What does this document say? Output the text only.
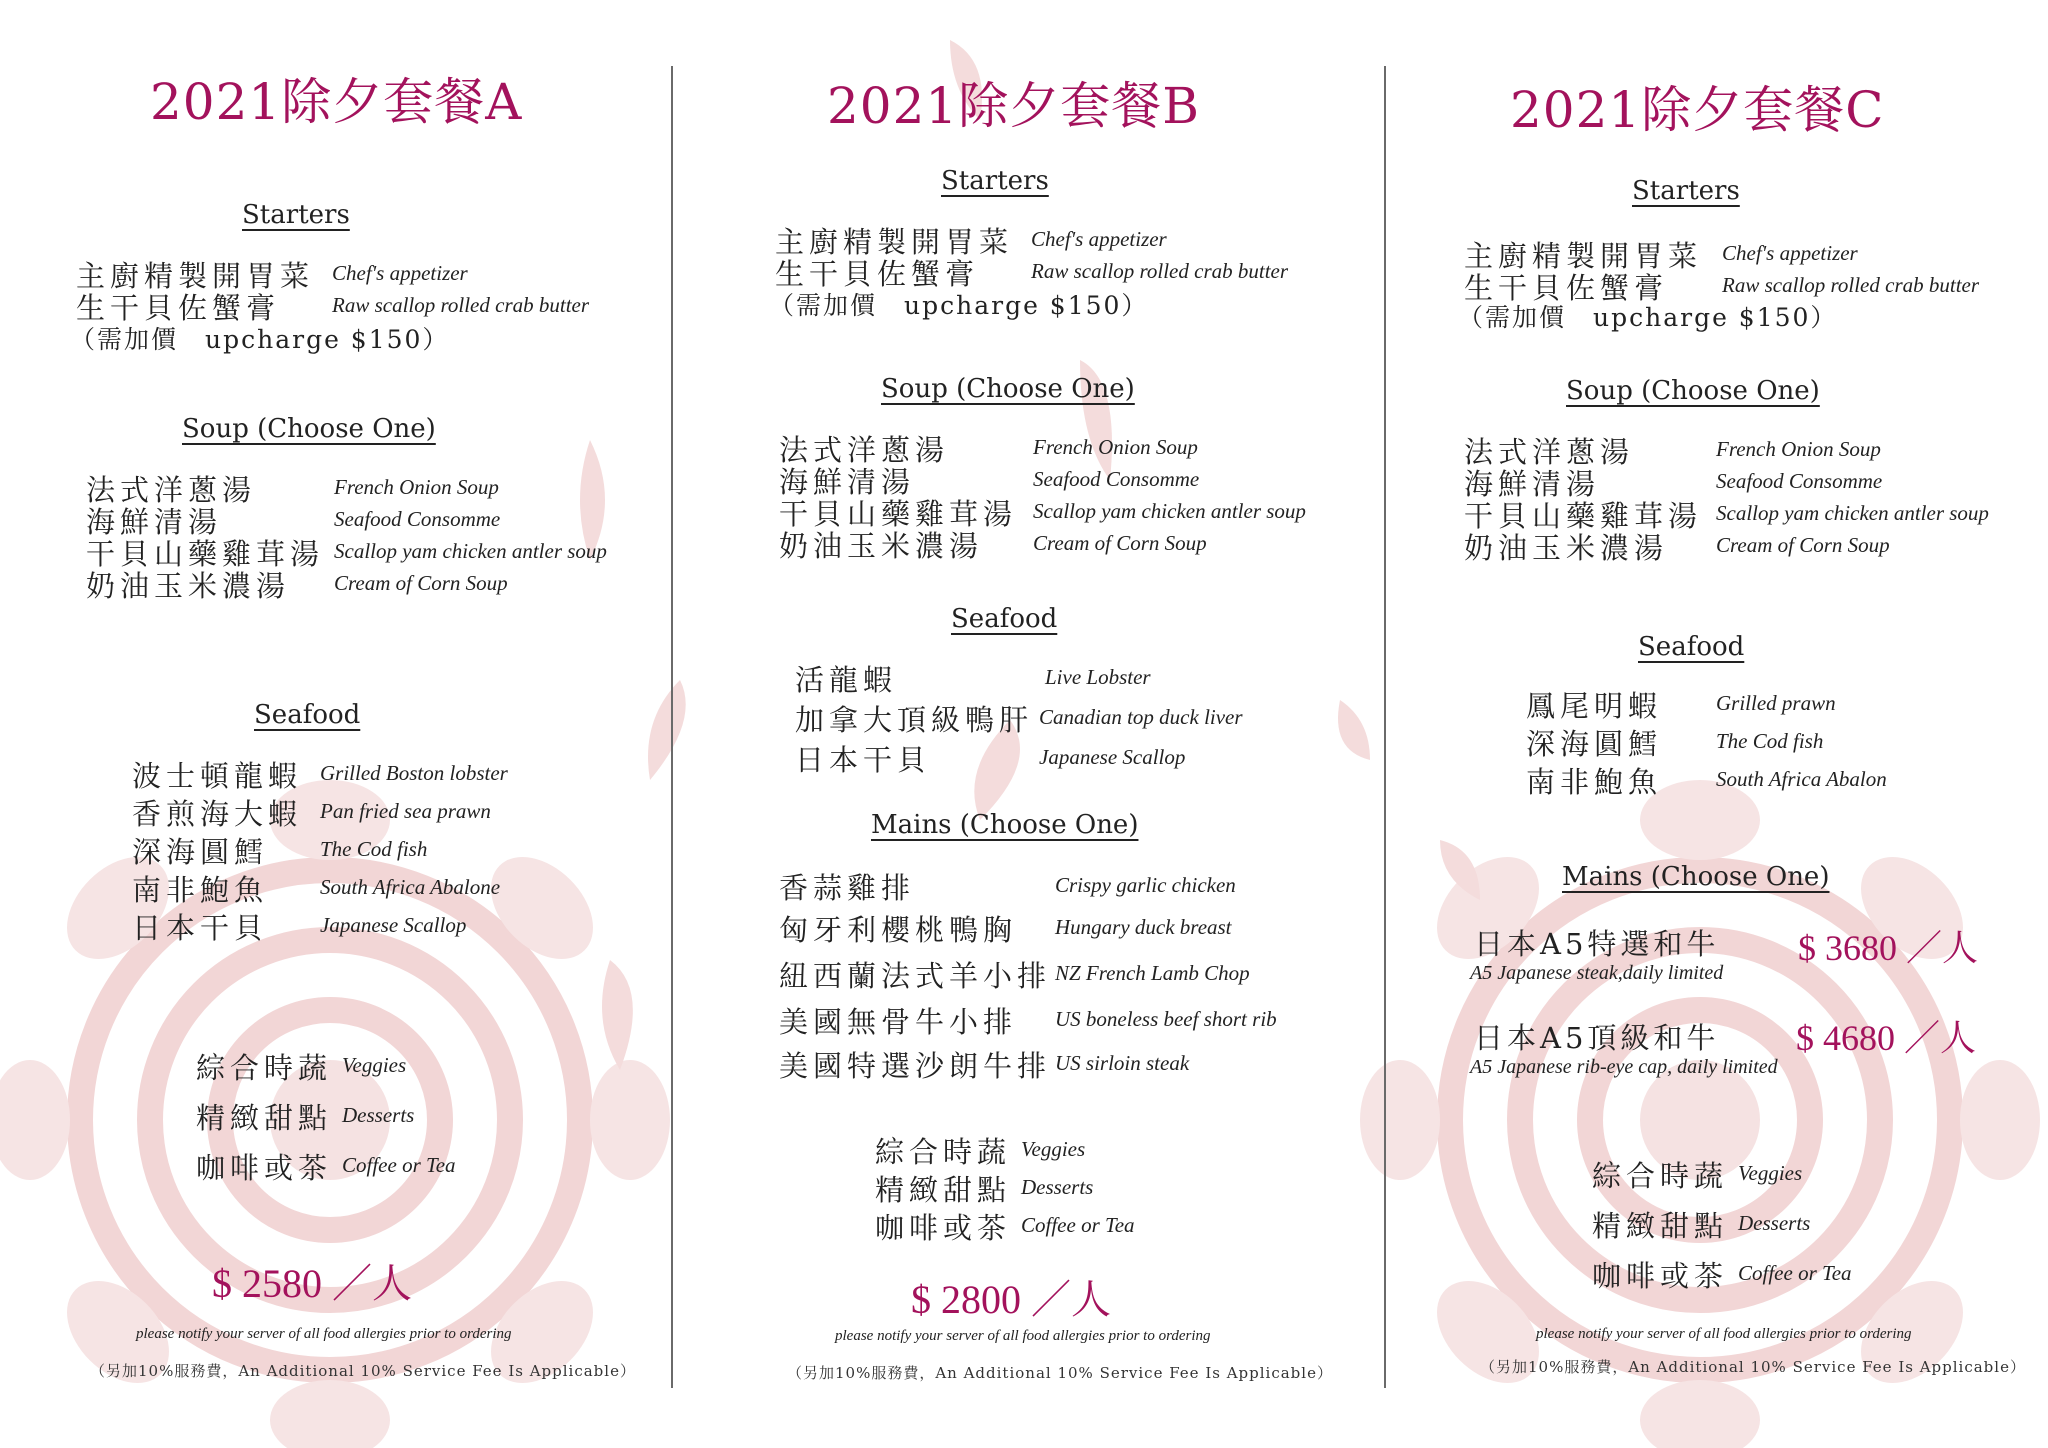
2021除夕套餐A
Starters
主廚精製開胃菜 Chef's appetizer
生干貝佐蟹膏 Raw scallop rolled crab butter
（需加價　upcharge $150）
Soup (Choose One)
法式洋蔥湯	French Onion Soup
海鮮清湯	Seafood Consomme
干貝山藥雞茸湯 Scallop yam chicken antler soup
奶油玉米濃湯 Cream of Corn Soup
Seafood
波士頓龍蝦 Grilled Boston lobster
香煎海大蝦 Pan fried sea prawn
深海圓鱈 The Cod fish
南非鮑魚 South Africa Abalone
日本干貝 Japanese Scallop
綜合時蔬 Veggies
精緻甜點 Desserts
咖啡或茶 Coffee or Tea
$ 2580 ／人
please notify your server of all food allergies prior to ordering
（另加10%服務費，An Additional 10% Service Fee Is Applicable）
2021除夕套餐B
Starters
主廚精製開胃菜 Chef's appetizer
生干貝佐蟹膏 Raw scallop rolled crab butter
（需加價　upcharge $150）
Soup (Choose One)
法式洋蔥湯	French Onion Soup
海鮮清湯	Seafood Consomme
干貝山藥雞茸湯 Scallop yam chicken antler soup
奶油玉米濃湯 Cream of Corn Soup
Seafood
活龍蝦	Live Lobster
加拿大頂級鴨肝 Canadian top duck liver
日本干貝	Japanese Scallop
Mains (Choose One)
香蒜雞排	Crispy garlic chicken
匈牙利櫻桃鴨胸 Hungary duck breast
紐西蘭法式羊小排 NZ French Lamb Chop
美國無骨牛小排 US boneless beef short rib
美國特選沙朗牛排 US sirloin steak
綜合時蔬 Veggies
精緻甜點 Desserts
咖啡或茶 Coffee or Tea
$ 2800 ／人
please notify your server of all food allergies prior to ordering
（另加10%服務費，An Additional 10% Service Fee Is Applicable）
2021除夕套餐C
Starters
主廚精製開胃菜 Chef's appetizer
生干貝佐蟹膏	Raw scallop rolled crab butter
（需加價　upcharge $150）
Soup (Choose One)
法式洋蔥湯	French Onion Soup
海鮮清湯	Seafood Consomme
干貝山藥雞茸湯 Scallop yam chicken antler soup
奶油玉米濃湯 Cream of Corn Soup
Seafood
鳳尾明蝦	Grilled prawn
深海圓鱈	The Cod fish
南非鮑魚	South Africa Abalon
Mains (Choose One)
日本A5特選和牛
A5 Japanese steak,daily limited
$ 3680 ／人
日本A5頂級和牛
A5 Japanese rib-eye cap, daily limited
$ 4680 ／人
綜合時蔬 Veggies
精緻甜點 Desserts
咖啡或茶 Coffee or Tea
please notify your server of all food allergies prior to ordering
（另加10%服務費，An Additional 10% Service Fee Is Applicable）
